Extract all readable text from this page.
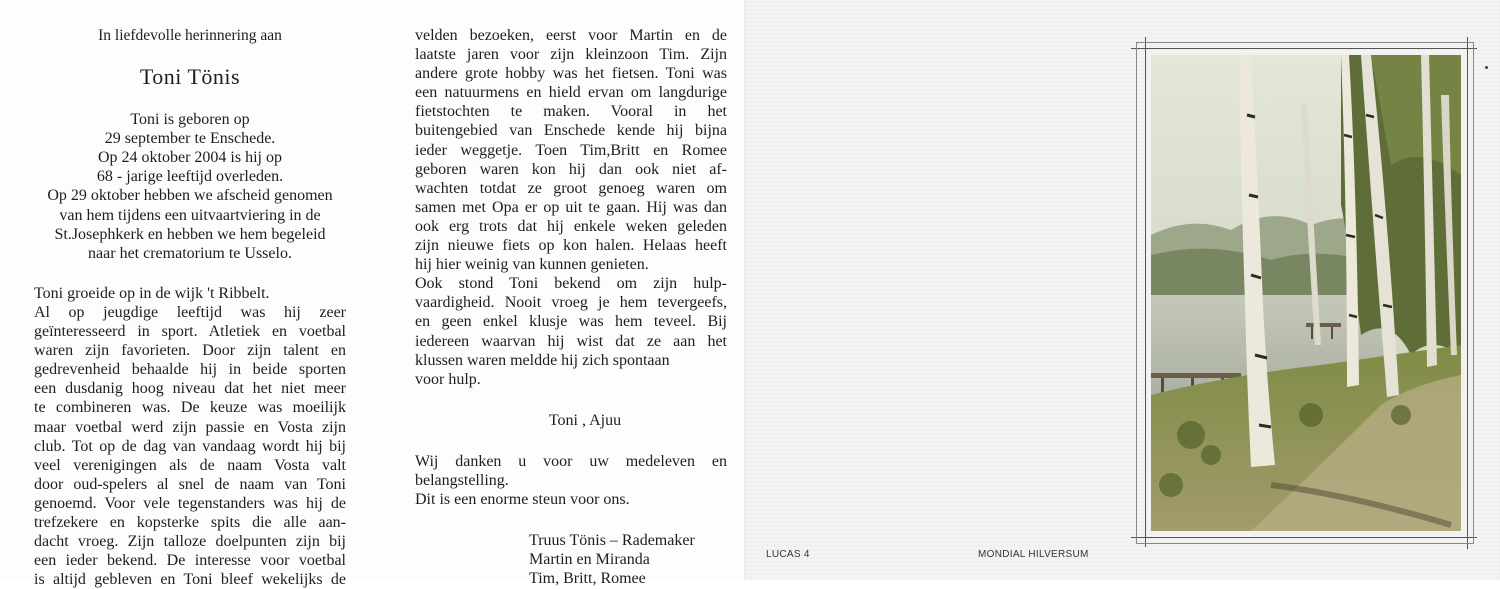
In liefdevolle herinnering aan
Toni Tönis
Toni is geboren op
29 september te Enschede.
Op 24 oktober 2004 is hij op
68 - jarige leeftijd overleden.
Op 29 oktober hebben we afscheid genomen
van hem tijdens een uitvaartviering in de
St.Josephkerk en hebben we hem begeleid
naar het crematorium te Usselo.
Toni groeide op in de wijk 't Ribbelt.
Al op jeugdige leeftijd was hij zeer
geïnteresseerd in sport. Atletiek en voetbal
waren zijn favorieten. Door zijn talent en
gedrevenheid behaalde hij in beide sporten
een dusdanig hoog niveau dat het niet meer
te combineren was. De keuze was moeilijk
maar voetbal werd zijn passie en Vosta zijn
club. Tot op de dag van vandaag wordt hij bij
veel verenigingen als de naam Vosta valt
door oud-spelers al snel de naam van Toni
genoemd. Voor vele tegenstanders was hij de
trefzekere en kopsterke spits die alle aan-
dacht vroeg. Zijn talloze doelpunten zijn bij
een ieder bekend. De interesse voor voetbal
is altijd gebleven en Toni bleef wekelijks de
velden bezoeken, eerst voor Martin en de
laatste jaren voor zijn kleinzoon Tim. Zijn
andere grote hobby was het fietsen. Toni was
een natuurmens en hield ervan om langdurige
fietstochten te maken. Vooral in het
buitengebied van Enschede kende hij bijna
ieder weggetje. Toen Tim,Britt en Romee
geboren waren kon hij dan ook niet af-
wachten totdat ze groot genoeg waren om
samen met Opa er op uit te gaan. Hij was dan
ook erg trots dat hij enkele weken geleden
zijn nieuwe fiets op kon halen. Helaas heeft
hij hier weinig van kunnen genieten.
Ook stond Toni bekend om zijn hulp-
vaardigheid. Nooit vroeg je hem tevergeefs,
en geen enkel klusje was hem teveel. Bij
iedereen waarvan hij wist dat ze aan het
klussen waren meldde hij zich spontaan
voor hulp.
Toni , Ajuu
Wij danken u voor uw medeleven en
belangstelling.
Dit is een enorme steun voor ons.
Truus Tönis – Rademaker
Martin en Miranda
Tim, Britt, Romee
LUCAS 4	MONDIAL HILVERSUM
